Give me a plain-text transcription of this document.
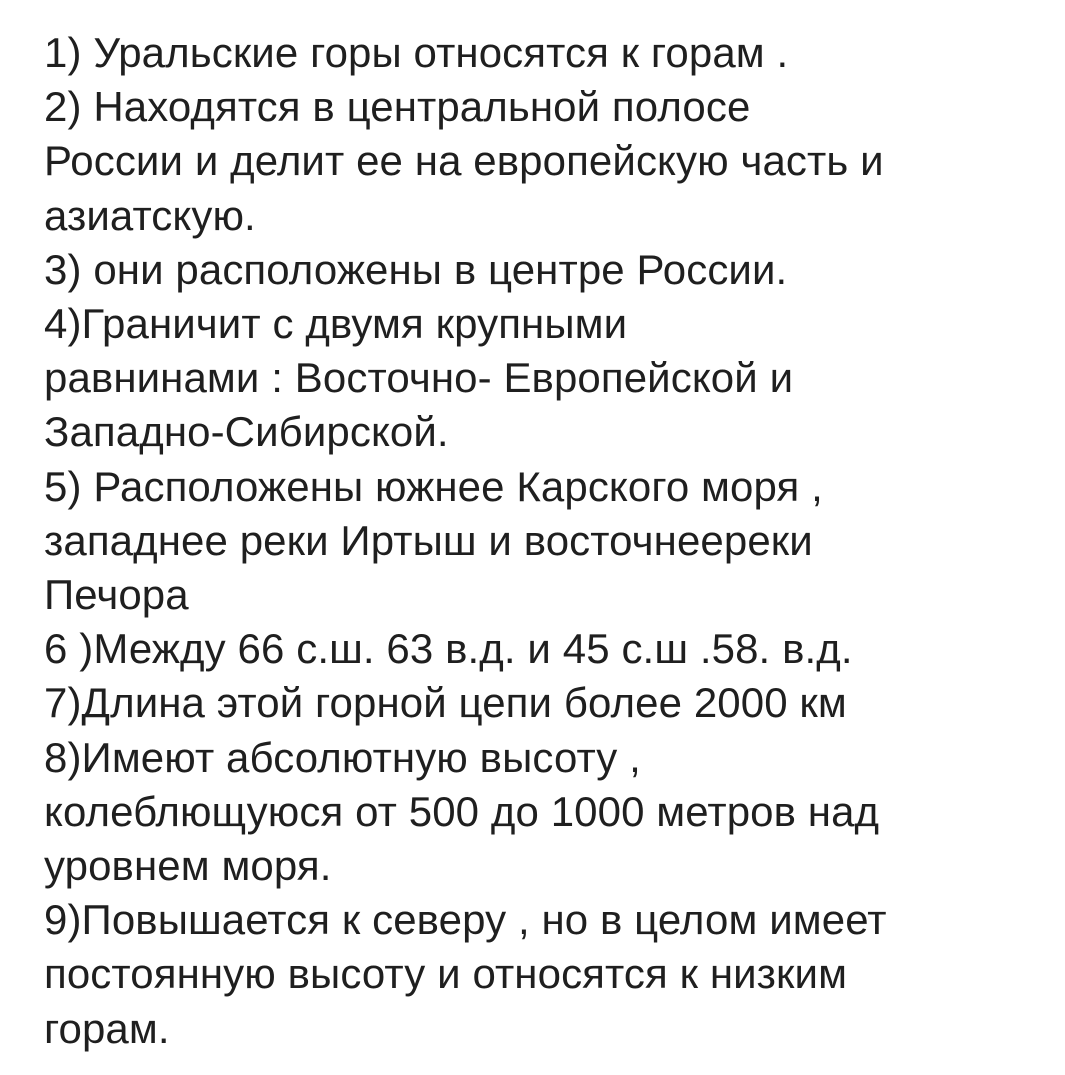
1) Уральские горы относятся к горам .
2) Находятся в центральной полосе
России и делит ее на европейскую часть и
азиатскую.
3) они расположены в центре России.
4)Граничит с двумя крупными
равнинами : Восточно- Европейской и
Западно-Сибирской.
5) Расположены южнее Карского моря ,
западнее реки Иртыш и восточнеереки
Печора
6 )Между 66 с.ш. 63 в.д. и 45 с.ш .58. в.д.
7)Длина этой горной цепи более 2000 км
8)Имеют абсолютную высоту ,
колеблющуюся от 500 до 1000 метров над
уровнем моря.
9)Повышается к северу , но в целом имеет
постоянную высоту и относятся к низким
горам.
